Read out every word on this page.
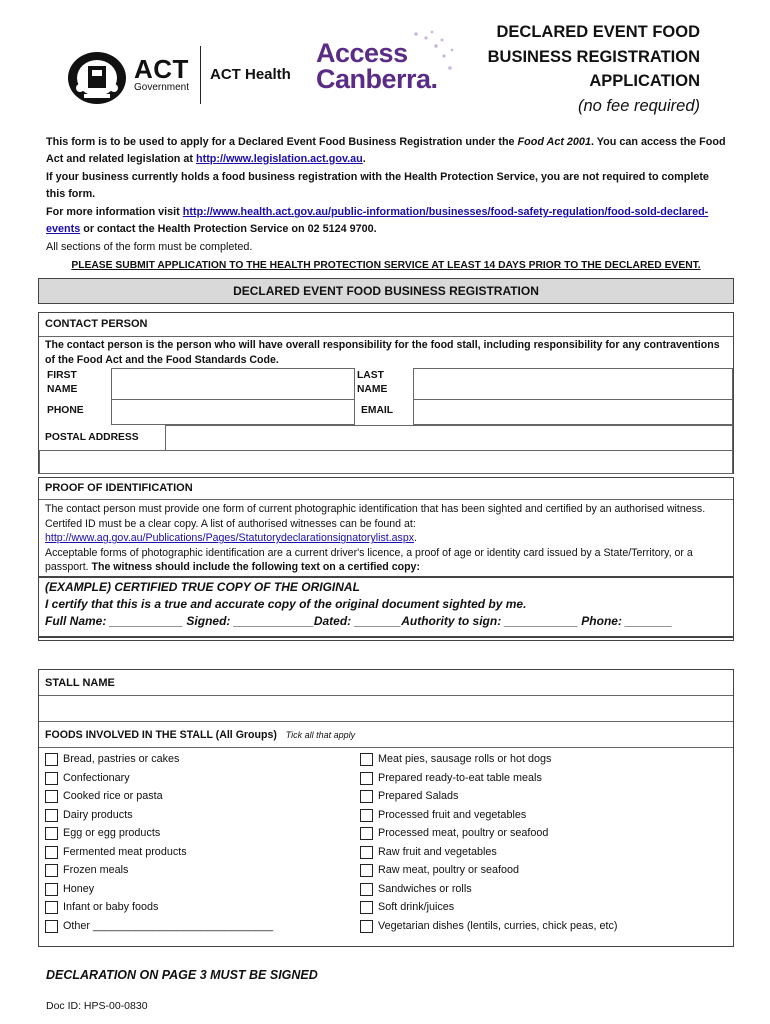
ACT
Government
ACT Health
Access
Canberra.
DECLARED EVENT FOOD
BUSINESS REGISTRATION
APPLICATION
(no fee required)

This form is to be used to apply for a Declared Event Food Business Registration under the Food Act 2001. You can access the Food Act and related legislation at http://www.legislation.act.gov.au.

If your business currently holds a food business registration with the Health Protection Service, you are not required to complete this form.

For more information visit http://www.health.act.gov.au/public-information/businesses/food-safety-regulation/food-sold-declared-events or contact the Health Protection Service on 02 5124 9700.

All sections of the form must be completed.

PLEASE SUBMIT APPLICATION TO THE HEALTH PROTECTION SERVICE AT LEAST 14 DAYS PRIOR TO THE DECLARED EVENT.

DECLARED EVENT FOOD BUSINESS REGISTRATION
CONTACT PERSON
The contact person is the person who will have overall responsibility for the food stall, including responsibility for any contraventions of the Food Act and the Food Standards Code.
FIRST NAME
LAST NAME
PHONE	EMAIL
POSTAL ADDRESS
PROOF OF IDENTIFICATION
The contact person must provide one form of current photographic identification that has been sighted and certified by an authorised witness. Certifed ID must be a clear copy. A list of authorised witnesses can be found at:
http://www.ag.gov.au/Publications/Pages/Statutorydeclarationsignatorylist.aspx.
Acceptable forms of photographic identification are a current driver's licence, a proof of age or identity card issued by a State/Territory, or a passport. The witness should include the following text on a certified copy:
(EXAMPLE) CERTIFIED TRUE COPY OF THE ORIGINAL
I certify that this is a true and accurate copy of the original document sighted by me.
Full Name: ___________ Signed: ____________Dated: _______Authority to sign: ___________ Phone: _______
STALL NAME
FOODS INVOLVED IN THE STALL (All Groups) Tick all that apply
Bread, pastries or cakes
Confectionary
Cooked rice or pasta
Dairy products
Egg or egg products
Fermented meat products
Frozen meals
Honey
Infant or baby foods
Other ______________________________
Meat pies, sausage rolls or hot dogs
Prepared ready-to-eat table meals
Prepared Salads
Processed fruit and vegetables
Processed meat, poultry or seafood
Raw fruit and vegetables
Raw meat, poultry or seafood
Sandwiches or rolls
Soft drink/juices
Vegetarian dishes (lentils, curries, chick peas, etc)
DECLARATION ON PAGE 3 MUST BE SIGNED
Doc ID: HPS-00-0830
